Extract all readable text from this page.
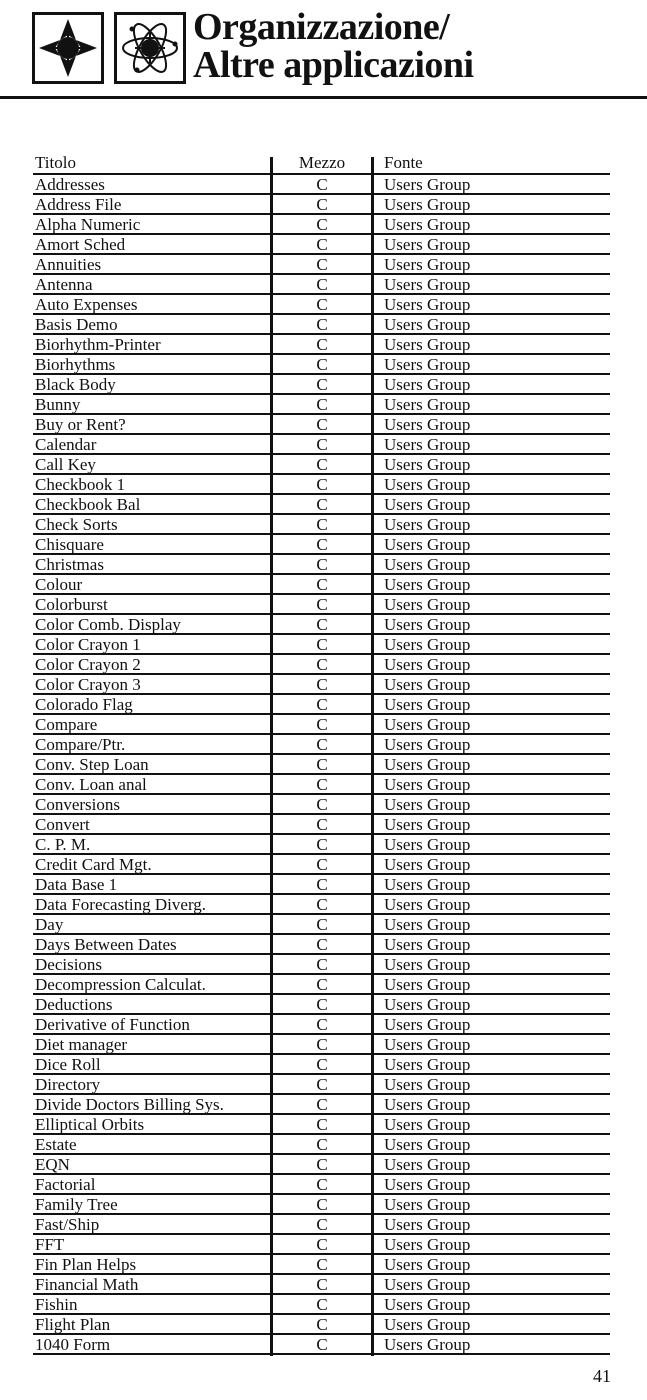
Organizzazione/
Altre applicazioni
Titolo	Mezzo	Fonte
Addresses	C	Users Group
Address File	C	Users Group
Alpha Numeric	C	Users Group
Amort Sched	C	Users Group
Annuities	C	Users Group
Antenna	C	Users Group
Auto Expenses	C	Users Group
Basis Demo	C	Users Group
Biorhythm-Printer	C	Users Group
Biorhythms	C	Users Group
Black Body	C	Users Group
Bunny	C	Users Group
Buy or Rent?	C	Users Group
Calendar	C	Users Group
Call Key	C	Users Group
Checkbook 1	C	Users Group
Checkbook Bal	C	Users Group
Check Sorts	C	Users Group
Chisquare	C	Users Group
Christmas	C	Users Group
Colour	C	Users Group
Colorburst	C	Users Group
Color Comb. Display	C	Users Group
Color Crayon 1	C	Users Group
Color Crayon 2	C	Users Group
Color Crayon 3	C	Users Group
Colorado Flag	C	Users Group
Compare	C	Users Group
Compare/Ptr.	C	Users Group
Conv. Step Loan	C	Users Group
Conv. Loan anal	C	Users Group
Conversions	C	Users Group
Convert	C	Users Group
C. P. M.	C	Users Group
Credit Card Mgt.	C	Users Group
Data Base 1	C	Users Group
Data Forecasting Diverg.	C	Users Group
Day	C	Users Group
Days Between Dates	C	Users Group
Decisions	C	Users Group
Decompression Calculat.	C	Users Group
Deductions	C	Users Group
Derivative of Function	C	Users Group
Diet manager	C	Users Group
Dice Roll	C	Users Group
Directory	C	Users Group
Divide Doctors Billing Sys.	C	Users Group
Elliptical Orbits	C	Users Group
Estate	C	Users Group
EQN	C	Users Group
Factorial	C	Users Group
Family Tree	C	Users Group
Fast/Ship	C	Users Group
FFT	C	Users Group
Fin Plan Helps	C	Users Group
Financial Math	C	Users Group
Fishin	C	Users Group
Flight Plan	C	Users Group
1040 Form	C	Users Group
41
